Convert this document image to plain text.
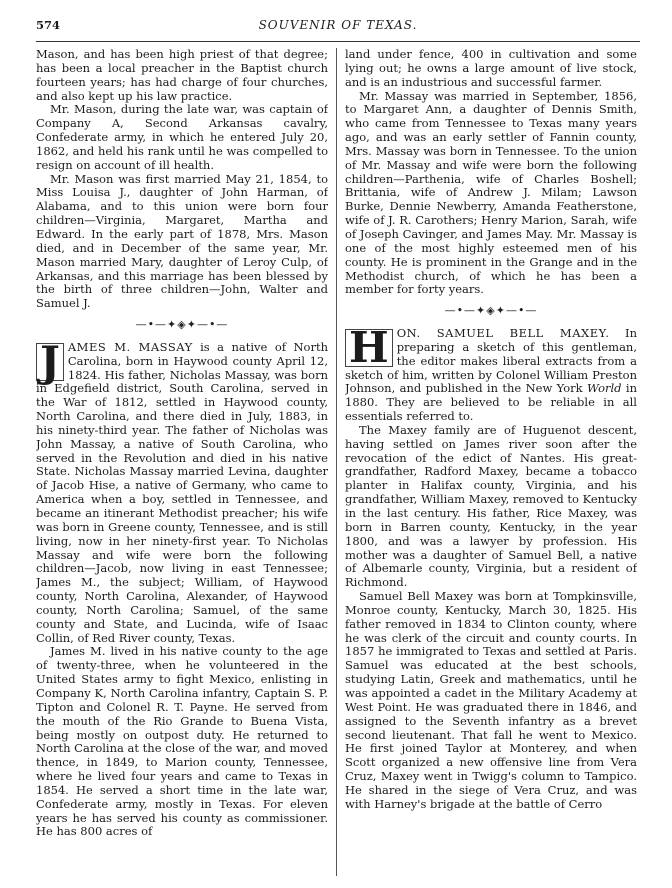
574	SOUVENIR OF TEXAS.

Mason, and has been high priest of that degree; has been a local preacher in the Baptist church fourteen years; has had charge of four churches, and also kept up his law practice.

Mr. Mason, during the late war, was captain of Company A, Second Arkansas cavalry, Confederate army, in which he entered July 20, 1862, and held his rank until he was compelled to resign on account of ill health.

Mr. Mason was first married May 21, 1854, to Miss Louisa J., daughter of John Harman, of Alabama, and to this union were born four children—Virginia, Margaret, Martha and Edward. In the early part of 1878, Mrs. Mason died, and in December of the same year, Mr. Mason married Mary, daughter of Leroy Culp, of Arkansas, and this marriage has been blessed by the birth of three children—John, Walter and Samuel J.

—•—✦◈✦—•—

J AMES M. MASSAY is a native of North Carolina, born in Haywood county April 12, 1824. His father, Nicholas Massay, was born in Edgefield district, South Carolina, served in the War of 1812, settled in Haywood county, North Carolina, and there died in July, 1883, in his ninety-third year. The father of Nicholas was John Massay, a native of South Carolina, who served in the Revolution and died in his native State. Nicholas Massay married Levina, daughter of Jacob Hise, a native of Germany, who came to America when a boy, settled in Tennessee, and became an itinerant Methodist preacher; his wife was born in Greene county, Tennessee, and is still living, now in her ninety-first year. To Nicholas Massay and wife were born the following children—Jacob, now living in east Tennessee; James M., the subject; William, of Haywood county, North Carolina, Alexander, of Haywood county, North Carolina; Samuel, of the same county and State, and Lucinda, wife of Isaac Collin, of Red River county, Texas.

James M. lived in his native county to the age of twenty-three, when he volunteered in the United States army to fight Mexico, enlisting in Company K, North Carolina infantry, Captain S. P. Tipton and Colonel R. T. Payne. He served from the mouth of the Rio Grande to Buena Vista, being mostly on outpost duty. He returned to North Carolina at the close of the war, and moved thence, in 1849, to Marion county, Tennessee, where he lived four years and came to Texas in 1854. He served a short time in the late war, Confederate army, mostly in Texas. For eleven years he has served his county as commissioner. He has 800 acres of

land under fence, 400 in cultivation and some lying out; he owns a large amount of live stock, and is an industrious and successful farmer.

Mr. Massay was married in September, 1856, to Margaret Ann, a daughter of Dennis Smith, who came from Tennessee to Texas many years ago, and was an early settler of Fannin county, Mrs. Massay was born in Tennessee. To the union of Mr. Massay and wife were born the following children—Parthenia, wife of Charles Boshell; Brittania, wife of Andrew J. Milam; Lawson Burke, Dennie Newberry, Amanda Featherstone, wife of J. R. Carothers; Henry Marion, Sarah, wife of Joseph Cavinger, and James May. Mr. Massay is one of the most highly esteemed men of his county. He is prominent in the Grange and in the Methodist church, of which he has been a member for forty years.

—•—✦◈✦—•—

H ON. SAMUEL BELL MAXEY. In preparing a sketch of this gentleman, the editor makes liberal extracts from a sketch of him, written by Colonel William Preston Johnson, and published in the New York World in 1880. They are believed to be reliable in all essentials referred to.

The Maxey family are of Huguenot descent, having settled on James river soon after the revocation of the edict of Nantes. His great-grandfather, Radford Maxey, became a tobacco planter in Halifax county, Virginia, and his grandfather, William Maxey, removed to Kentucky in the last century. His father, Rice Maxey, was born in Barren county, Kentucky, in the year 1800, and was a lawyer by profession. His mother was a daughter of Samuel Bell, a native of Albemarle county, Virginia, but a resident of Richmond.

Samuel Bell Maxey was born at Tompkinsville, Monroe county, Kentucky, March 30, 1825. His father removed in 1834 to Clinton county, where he was clerk of the circuit and county courts. In 1857 he immigrated to Texas and settled at Paris. Samuel was educated at the best schools, studying Latin, Greek and mathematics, until he was appointed a cadet in the Military Academy at West Point. He was graduated there in 1846, and assigned to the Seventh infantry as a brevet second lieutenant. That fall he went to Mexico. He first joined Taylor at Monterey, and when Scott organized a new offensive line from Vera Cruz, Maxey went in Twigg's column to Tampico. He shared in the siege of Vera Cruz, and was with Harney's brigade at the battle of Cerro
